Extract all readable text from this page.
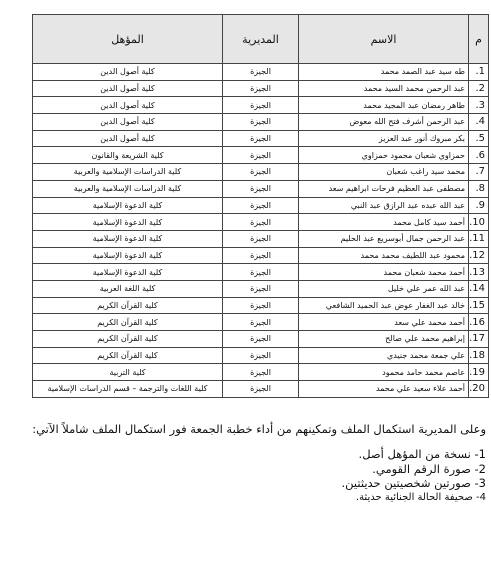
م	الاسم	المديرية	المؤهل
1.	طه سيد عبد الصمد محمد	الجيزة	كلية أصول الدين
2.	عبد الرحمن محمد السيد محمد	الجيزة	كلية أصول الدين
3.	طاهر رمضان عبد المجيد محمد	الجيزة	كلية أصول الدين
4.	عبد الرحمن أشرف فتح الله معوض	الجيزة	كلية أصول الدين
5.	بكر مبروك أنور عبد العزيز	الجيزة	كلية أصول الدين
6.	حمزاوي شعبان محمود حمزاوي	الجيزة	كلية الشريعة والقانون
7.	محمد سيد راغب شعبان	الجيزة	كلية الدراسات الإسلامية والعربية
8.	مصطفى عبد العظيم فرحات ابراهيم سعد	الجيزة	كلية الدراسات الإسلامية والعربية
9.	عبد الله عبده عبد الرازق عبد النبي	الجيزة	كلية الدعوة الإسلامية
10.	أحمد سيد كامل محمد	الجيزة	كلية الدعوة الإسلامية
11.	عبد الرحمن جمال أبوسريع عبد الحليم	الجيزة	كلية الدعوة الإسلامية
12.	محمود عبد اللطيف محمد محمد	الجيزة	كلية الدعوة الإسلامية
13.	أحمد محمد شعبان محمد	الجيزة	كلية الدعوة الإسلامية
14.	عبد الله عمر علي خليل	الجيزة	كلية اللغة العربية
15.	خالد عبد الغفار عوض عبد الحميد الشافعي	الجيزة	كلية القرآن الكريم
16.	أحمد محمد علي سعد	الجيزة	كلية القرآن الكريم
17.	إبراهيم محمد علي صالح	الجيزة	كلية القرآن الكريم
18.	علي جمعة محمد جنيدي	الجيزة	كلية القرآن الكريم
19.	عاصم محمد حامد محمود	الجيزة	كلية التربية
20.	أحمد علاء سعيد علي محمد	الجيزة	كلية اللغات والترجمة – قسم الدراسات الإسلامية

وعلى المديرية استكمال الملف وتمكينهم من أداء خطبة الجمعة فور استكمال الملف شاملاً الآتي:

1- نسخة من المؤهل أصل.
2- صورة الرقم القومي.
3- صورتين شخصيتين حديثتين.
4- صحيفة الحالة الجنائية حديثة.
